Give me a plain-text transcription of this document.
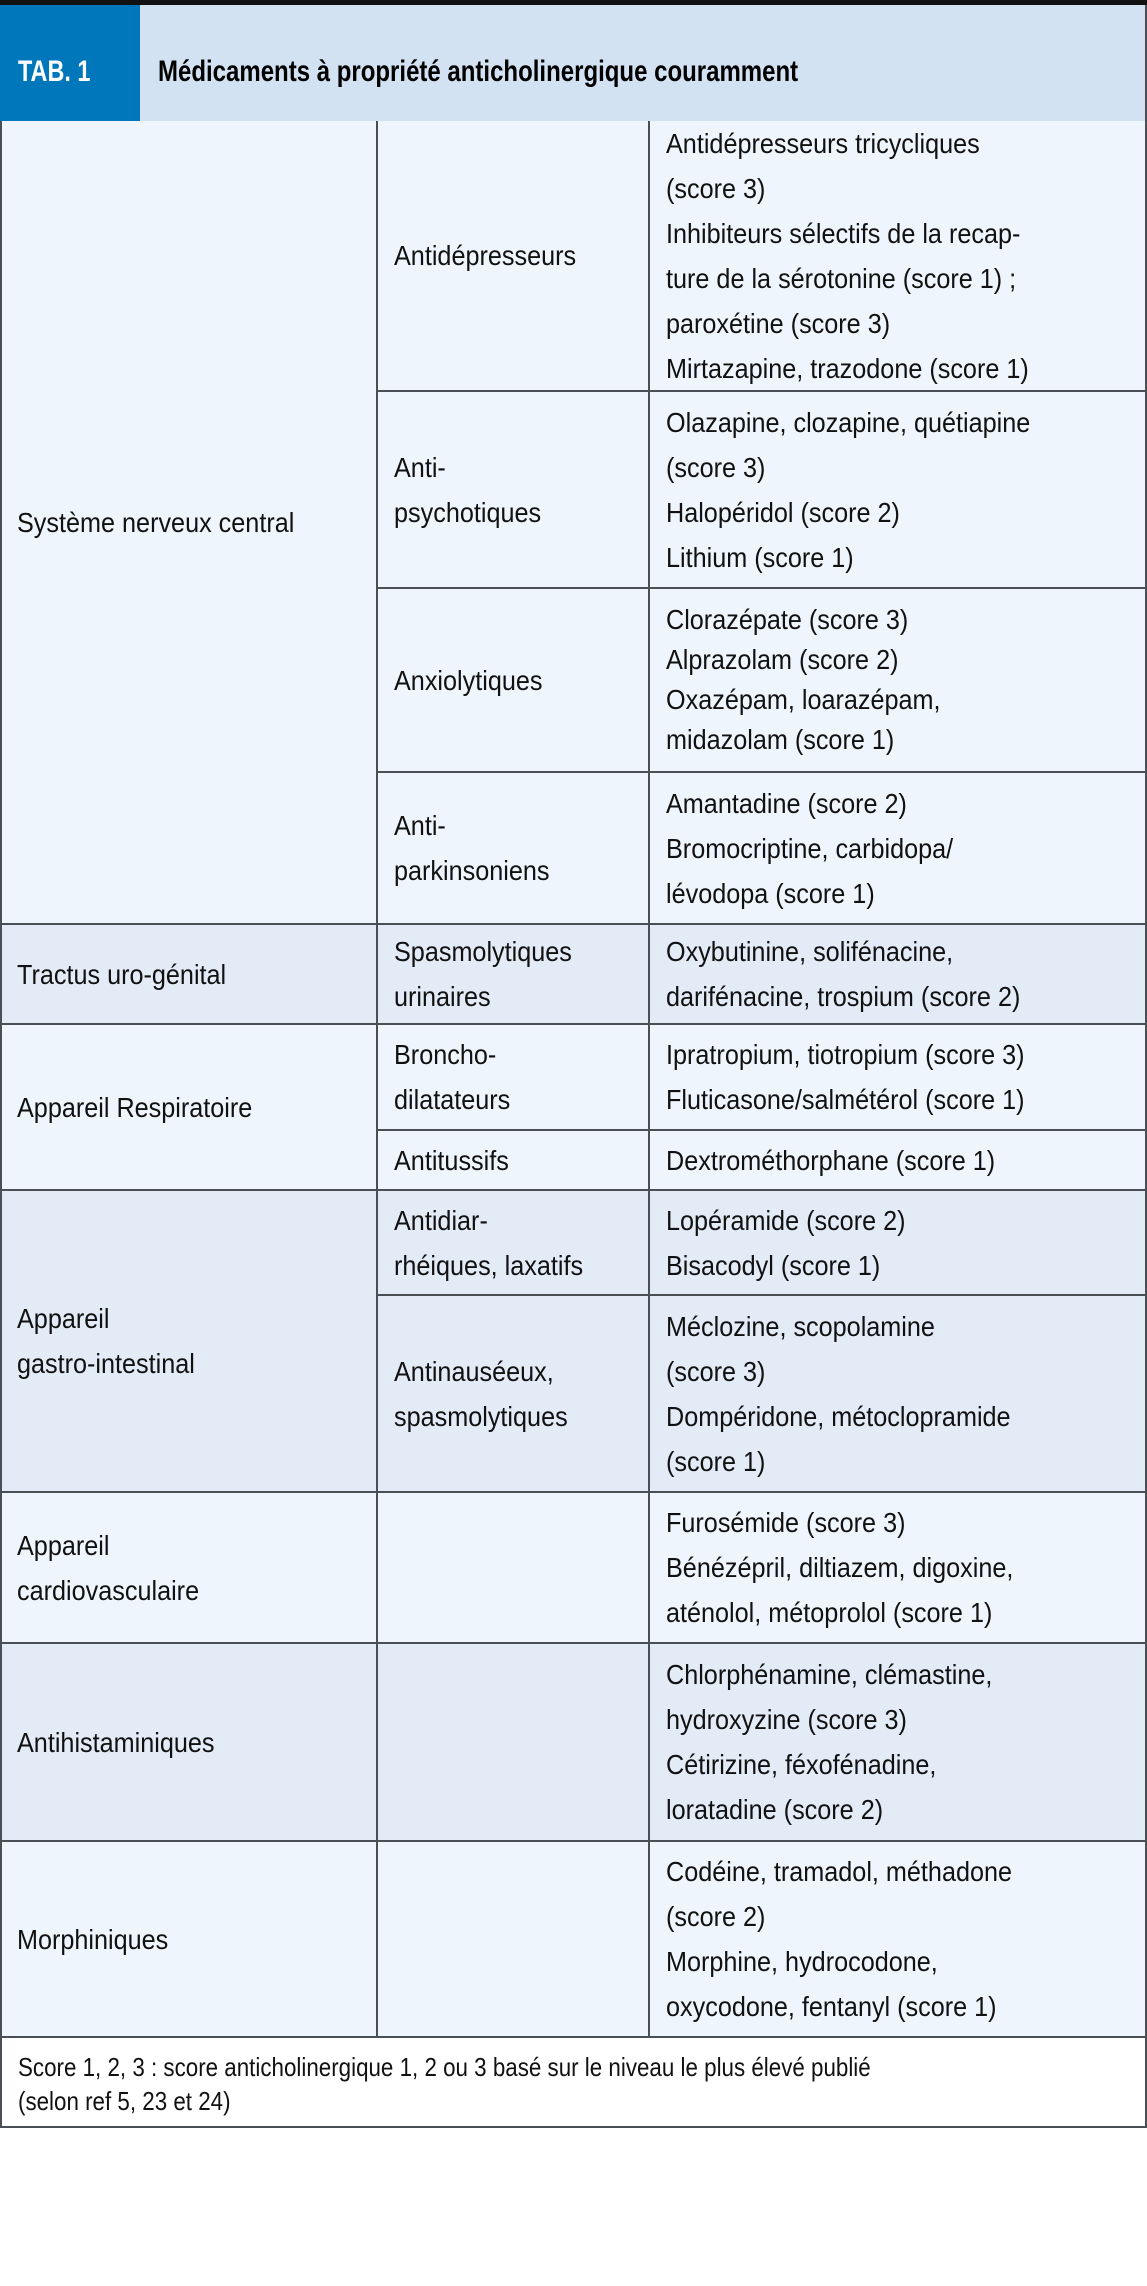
TAB. 1 Médicaments à propriété anticholinergique couramment
Système nerveux central
Antidépresseurs
Antidépresseurs tricycliques
(score 3)
Inhibiteurs sélectifs de la recap-
ture de la sérotonine (score 1) ;
paroxétine (score 3)
Mirtazapine, trazodone (score 1)
Anti-
psychotiques
Olazapine, clozapine, quétiapine
(score 3)
Halopéridol (score 2)
Lithium (score 1)
Anxiolytiques
Clorazépate (score 3)
Alprazolam (score 2)
Oxazépam, loarazépam,
midazolam (score 1)
Anti-
parkinsoniens
Amantadine (score 2)
Bromocriptine, carbidopa/
lévodopa (score 1)
Tractus uro-génital
Spasmolytiques
urinaires
Oxybutinine, solifénacine,
darifénacine, trospium (score 2)
Appareil Respiratoire
Broncho-
dilatateurs
Ipratropium, tiotropium (score 3)
Fluticasone/salmétérol (score 1)
Antitussifs	Dextrométhorphane (score 1)
Appareil
gastro-intestinal
Antidiar-
rhéiques, laxatifs
Lopéramide (score 2)
Bisacodyl (score 1)
Antinauséeux,
spasmolytiques
Méclozine, scopolamine
(score 3)
Dompéridone, métoclopramide
(score 1)
Appareil
cardiovasculaire
Furosémide (score 3)
Bénézépril, diltiazem, digoxine,
aténolol, métoprolol (score 1)
Antihistaminiques
Chlorphénamine, clémastine,
hydroxyzine (score 3)
Cétirizine, féxofénadine,
loratadine (score 2)
Morphiniques
Codéine, tramadol, méthadone
(score 2)
Morphine, hydrocodone,
oxycodone, fentanyl (score 1)
Score 1, 2, 3 : score anticholinergique 1, 2 ou 3 basé sur le niveau le plus élevé publié
(selon ref 5, 23 et 24)
